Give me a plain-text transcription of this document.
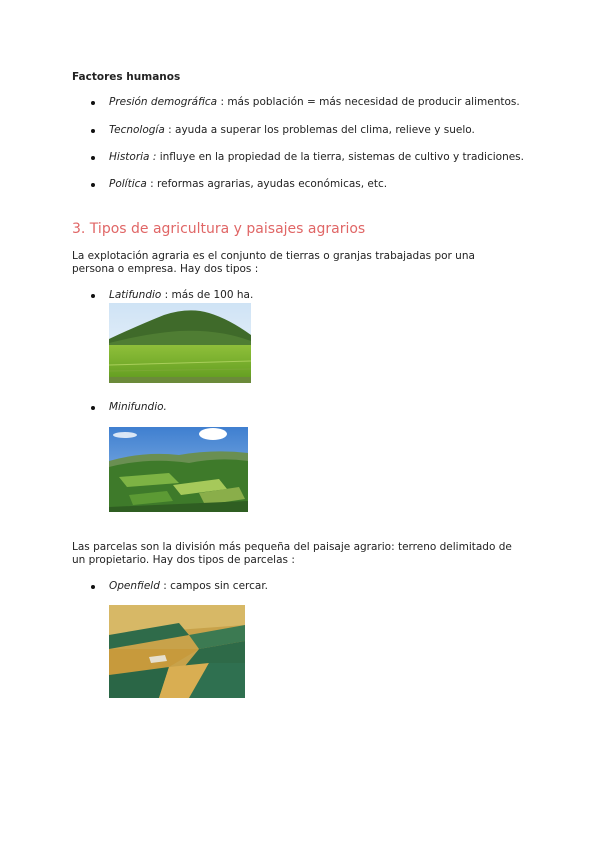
Factores humanos
Presión demográfica : más población = más necesidad de producir alimentos.
Tecnología : ayuda a superar los problemas del clima, relieve y suelo.
Historia : influye en la propiedad de la tierra, sistemas de cultivo y tradiciones.
Política : reformas agrarias, ayudas económicas, etc.
3. Tipos de agricultura y paisajes agrarios
La explotación agraria es el conjunto de tierras o granjas trabajadas por una
persona o empresa. Hay dos tipos :
Latifundio : más de 100 ha.
Minifundio.
Las parcelas son la división más pequeña del paisaje agrario: terreno delimitado de
un propietario. Hay dos tipos de parcelas :
Openfield : campos sin cercar.
